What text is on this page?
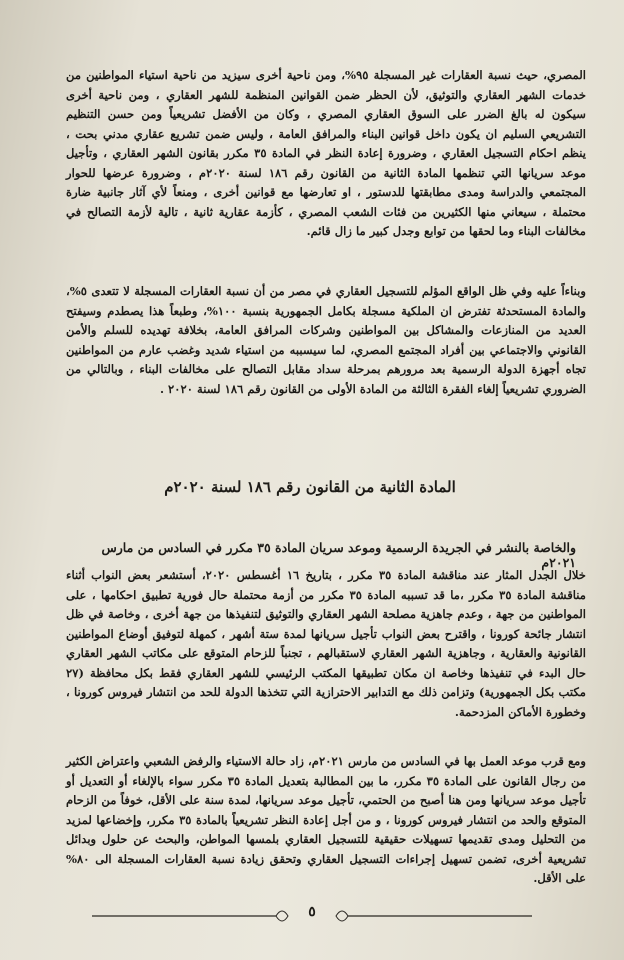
المصري، حيث نسبة العقارات غير المسجلة ٩٥%، ومن ناحية أخرى سيزيد من ناحية استياء المواطنين من خدمات الشهر العقاري والتوثيق، لأن الحظر ضمن القوانين المنظمة للشهر العقاري ، ومن ناحية أخرى سيكون له بالغ الضرر على السوق العقاري المصري ، وكان من الأفضل تشريعياً ومن حسن التنظيم التشريعي السليم ان يكون داخل قوانين البناء والمرافق العامة ، وليس ضمن تشريع عقاري مدني بحت ، ينظم احكام التسجيل العقاري ، وضرورة إعادة النظر في المادة ٣٥ مكرر بقانون الشهر العقاري ، وتأجيل موعد سريانها التي تنظمها المادة الثانية من القانون رقم ١٨٦ لسنة ٢٠٢٠م ، وضرورة عرضها للحوار المجتمعي والدراسة ومدى مطابقتها للدستور ، او تعارضها مع قوانين أخرى ، ومنعاً لأي آثار جانبية ضارة محتملة ، سيعاني منها الكثيرين من فئات الشعب المصري ، كأزمة عقارية ثانية ، تالية لأزمة التصالح في مخالفات البناء وما لحقها من توابع وجدل كبير ما زال قائم.

وبناءاً عليه وفي ظل الواقع المؤلم للتسجيل العقاري في مصر من أن نسبة العقارات المسجلة لا تتعدى ٥%، والمادة المستحدثة تفترض ان الملكية مسجلة بكامل الجمهورية بنسبة ١٠٠%، وطبعاً هذا يصطدم وسيفتح العديد من المنازعات والمشاكل بين المواطنين وشركات المرافق العامة، بخلافة تهديده للسلم والأمن القانوني والاجتماعي بين أفراد المجتمع المصري، لما سيسببه من استياء شديد وغضب عارم من المواطنين تجاه أجهزة الدولة الرسمية بعد مرورهم بمرحلة سداد مقابل التصالح على مخالفات البناء ، وبالتالي من الضروري تشريعياً إلغاء الفقرة الثالثة من المادة الأولى من القانون رقم ١٨٦ لسنة ٢٠٢٠ .

المادة الثانية من القانون رقم ١٨٦ لسنة ٢٠٢٠م

والخاصة بالنشر في الجريدة الرسمية وموعد سريان المادة ٣٥ مكرر في السادس من مارس ٢٠٢١م

خلال الجدل المثار عند مناقشة المادة ٣٥ مكرر ، بتاريخ ١٦ أغسطس ٢٠٢٠، أستشعر بعض النواب أثناء مناقشة المادة ٣٥ مكرر ،ما قد تسببه المادة ٣٥ مكرر من أزمة محتملة حال فورية تطبيق احكامها ، على المواطنين من جهة ، وعدم جاهزية مصلحة الشهر العقاري والتوثيق لتنفيذها من جهة أخرى ، وخاصة في ظل انتشار جائحة كورونا ، واقترح بعض النواب تأجيل سريانها لمدة ستة أشهر ، كمهلة لتوفيق أوضاع المواطنين القانونية والعقارية ، وجاهزية الشهر العقاري لاستقبالهم ، تجنباً للزحام المتوقع على مكاتب الشهر العقاري حال البدء في تنفيذها وخاصة ان مكان تطبيقها المكتب الرئيسي للشهر العقاري فقط بكل محافظة (٢٧ مكتب بكل الجمهورية) وتزامن ذلك مع التدابير الاحترازية التي تتخذها الدولة للحد من انتشار فيروس كورونا ، وخطورة الأماكن المزدحمة.

ومع قرب موعد العمل بها في السادس من مارس ٢٠٢١م، زاد حالة الاستياء والرفض الشعبي واعتراض الكثير من رجال القانون على المادة ٣٥ مكرر، ما بين المطالبة بتعديل المادة ٣٥ مكرر سواء بالإلغاء أو التعديل أو تأجيل موعد سريانها ومن هنا أصبح من الحتمي، تأجيل موعد سريانها، لمدة سنة على الأقل، خوفاً من الزحام المتوقع والحد من انتشار فيروس كورونا ، و من أجل إعادة النظر تشريعياً بالمادة ٣٥ مكرر، وإخضاعها لمزيد من التحليل ومدى تقديمها تسهيلات حقيقية للتسجيل العقاري بلمسها المواطن، والبحث عن حلول وبدائل تشريعية أخرى، تضمن تسهيل إجراءات التسجيل العقاري وتحقق زيادة نسبة العقارات المسجلة الى ٨٠% على الأقل.

٥
